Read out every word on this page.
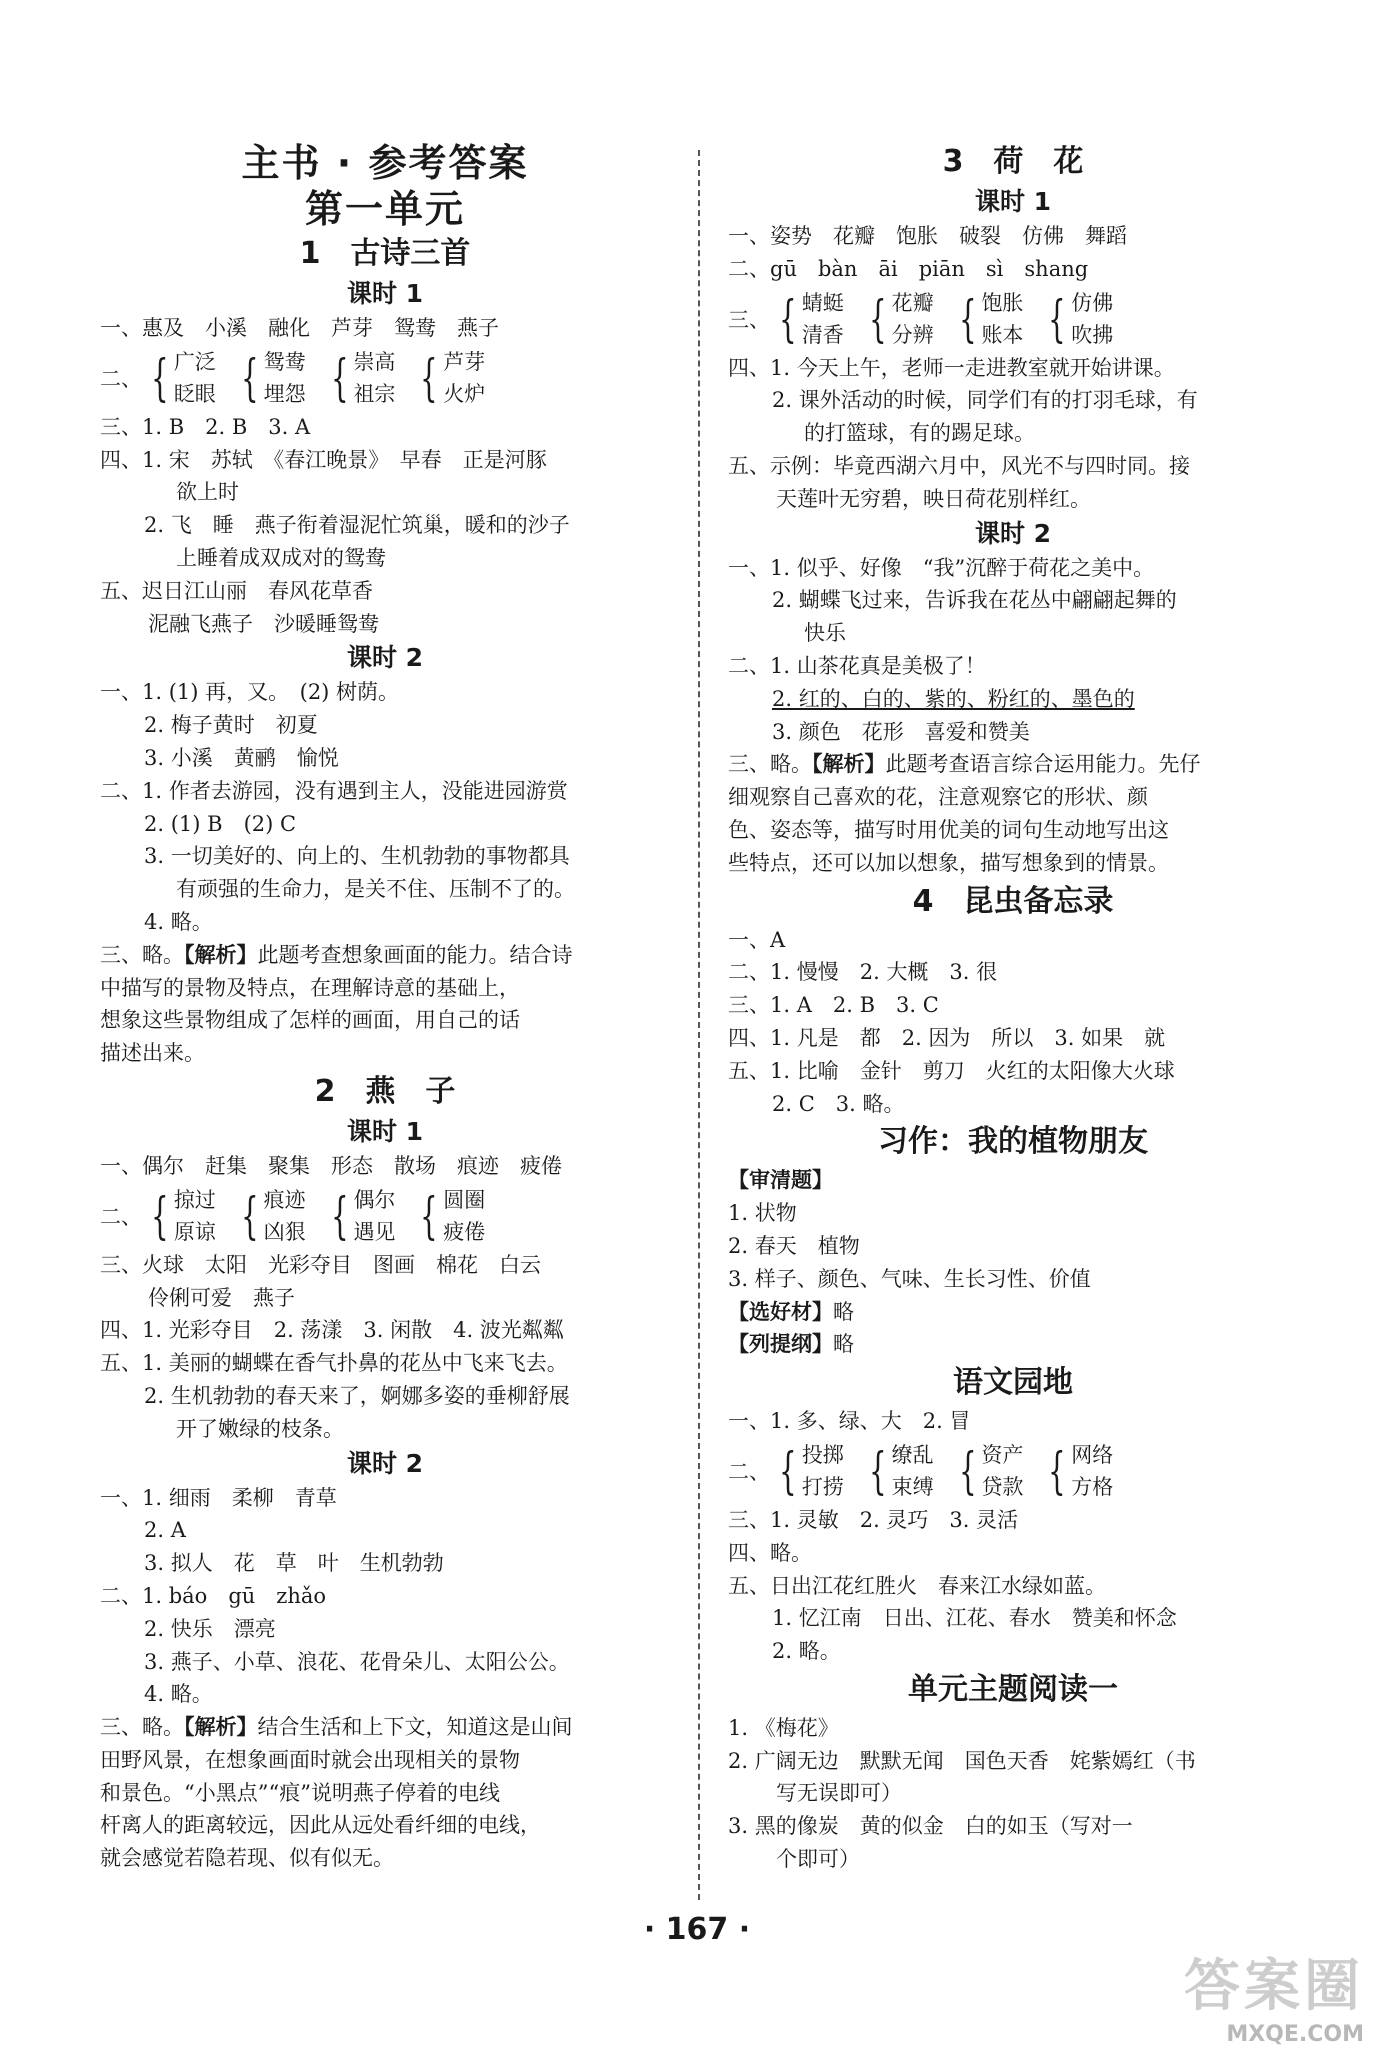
主书 · 参考答案
第一单元
1　古诗三首
课时 1
一、惠及　小溪　融化　芦芽　鸳鸯　燕子
二、 { 广泛
眨眼 { 鸳鸯
埋怨 { 崇高
祖宗 { 芦芽
火炉
三、1. B　2. B　3. A
四、1. 宋　苏轼　《春江晚景》　早春　正是河豚
欲上时
2. 飞　睡　燕子衔着湿泥忙筑巢，暖和的沙子
上睡着成双成对的鸳鸯
五、迟日江山丽　春风花草香
泥融飞燕子　沙暖睡鸳鸯
课时 2
一、1. (1) 再，又。　(2) 树荫。
2. 梅子黄时　初夏
3. 小溪　黄鹂　愉悦
二、1. 作者去游园，没有遇到主人，没能进园游赏
2. (1) B　(2) C
3. 一切美好的、向上的、生机勃勃的事物都具
有顽强的生命力，是关不住、压制不了的。
4. 略。
三、略。【解析】此题考查想象画面的能力。结合诗
中描写的景物及特点，在理解诗意的基础上，
想象这些景物组成了怎样的画面，用自己的话
描述出来。
2　燕　子
课时 1
一、偶尔　赶集　聚集　形态　散场　痕迹　疲倦
二、 { 掠过
原谅 { 痕迹
凶狠 { 偶尔
遇见 { 圆圈
疲倦
三、火球　太阳　光彩夺目　图画　棉花　白云
伶俐可爱　燕子
四、1. 光彩夺目　2. 荡漾　3. 闲散　4. 波光粼粼
五、1. 美丽的蝴蝶在香气扑鼻的花丛中飞来飞去。
2. 生机勃勃的春天来了，婀娜多姿的垂柳舒展
开了嫩绿的枝条。
课时 2
一、1. 细雨　柔柳　青草
2. A
3. 拟人　花　草　叶　生机勃勃
二、1. báo　gū　zhǎo
2. 快乐　漂亮
3. 燕子、小草、浪花、花骨朵儿、太阳公公。
4. 略。
三、略。【解析】结合生活和上下文，知道这是山间
田野风景，在想象画面时就会出现相关的景物
和景色。“小黑点”“痕”说明燕子停着的电线
杆离人的距离较远，因此从远处看纤细的电线，
就会感觉若隐若现、似有似无。
3　荷　花
课时 1
一、姿势　花瓣　饱胀　破裂　仿佛　舞蹈
二、gū　bàn　āi　piān　sì　shang
三、 { 蜻蜓
清香 { 花瓣
分辨 { 饱胀
账本 { 仿佛
吹拂
四、1. 今天上午，老师一走进教室就开始讲课。
2. 课外活动的时候，同学们有的打羽毛球，有
的打篮球，有的踢足球。
五、示例：毕竟西湖六月中，风光不与四时同。接
天莲叶无穷碧，映日荷花别样红。
课时 2
一、1. 似乎、好像　“我”沉醉于荷花之美中。
2. 蝴蝶飞过来，告诉我在花丛中翩翩起舞的
快乐
二、1. 山茶花真是美极了！
2. 红的、白的、紫的、粉红的、墨色的
3. 颜色　花形　喜爱和赞美
三、略。【解析】此题考查语言综合运用能力。先仔
细观察自己喜欢的花，注意观察它的形状、颜
色、姿态等，描写时用优美的词句生动地写出这
些特点，还可以加以想象，描写想象到的情景。
4　昆虫备忘录
一、A
二、1. 慢慢　2. 大概　3. 很
三、1. A　2. B　3. C
四、1. 凡是　都　2. 因为　所以　3. 如果　就
五、1. 比喻　金针　剪刀　火红的太阳像大火球
2. C　3. 略。
习作：我的植物朋友
【审清题】
1. 状物
2. 春天　植物
3. 样子、颜色、气味、生长习性、价值
【选好材】略
【列提纲】略
语文园地
一、1. 多、绿、大　2. 冒
二、 { 投掷
打捞 { 缭乱
束缚 { 资产
贷款 { 网络
方格
三、1. 灵敏　2. 灵巧　3. 灵活
四、略。
五、日出江花红胜火　春来江水绿如蓝。
1. 忆江南　日出、江花、春水　赞美和怀念
2. 略。
单元主题阅读一
1. 《梅花》
2. 广阔无边　默默无闻　国色天香　姹紫嫣红（书
写无误即可）
3. 黑的像炭　黄的似金　白的如玉（写对一
个即可）
· 167 ·
答案圈
MXQE.COM
